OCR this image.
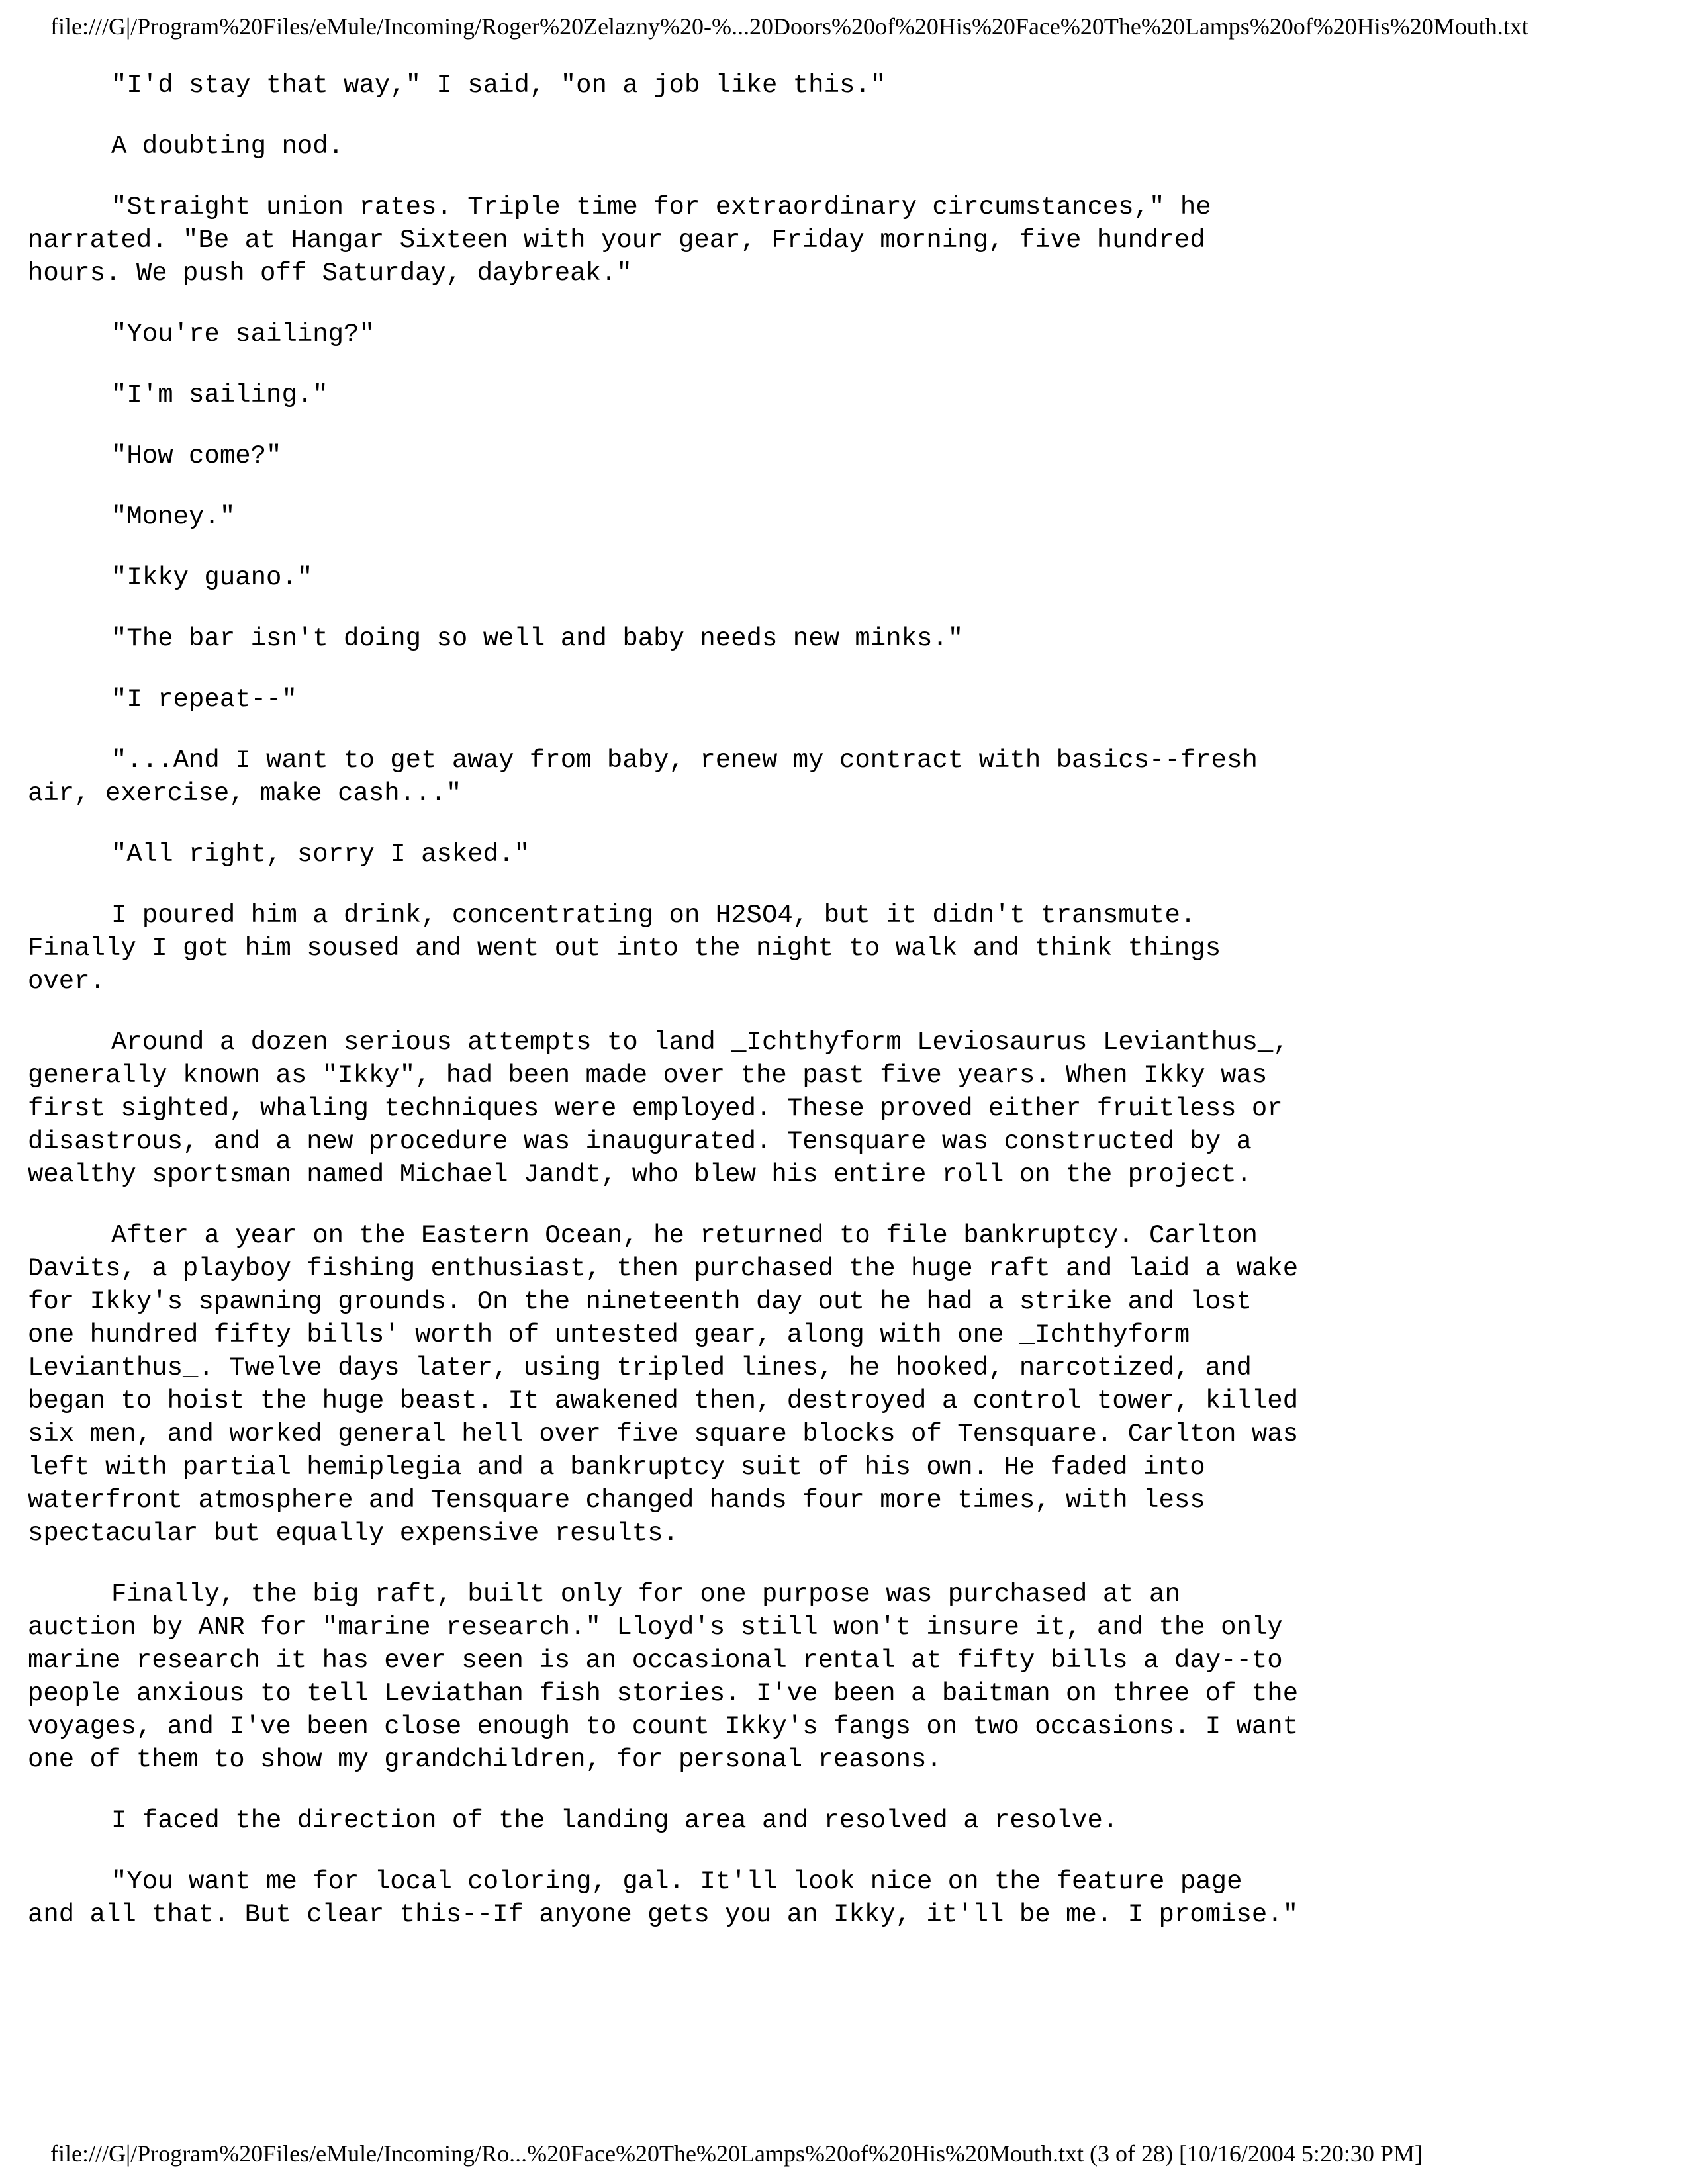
file:///G|/Program%20Files/eMule/Incoming/Roger%20Zelazny%20-%...20Doors%20of%20His%20Face%20The%20Lamps%20of%20His%20Mouth.txt

"I'd stay that way," I said, "on a job like this."

A doubting nod.

"Straight union rates. Triple time for extraordinary circumstances," he narrated. "Be at Hangar Sixteen with your gear, Friday morning, five hundred hours. We push off Saturday, daybreak."

"You're sailing?"

"I'm sailing."

"How come?"

"Money."

"Ikky guano."

"The bar isn't doing so well and baby needs new minks."

"I repeat--"

"...And I want to get away from baby, renew my contract with basics--fresh air, exercise, make cash..."

"All right, sorry I asked."

I poured him a drink, concentrating on H2SO4, but it didn't transmute. Finally I got him soused and went out into the night to walk and think things over.

Around a dozen serious attempts to land _Ichthyform Leviosaurus Levianthus_, generally known as "Ikky", had been made over the past five years. When Ikky was first sighted, whaling techniques were employed. These proved either fruitless or disastrous, and a new procedure was inaugurated. Tensquare was constructed by a wealthy sportsman named Michael Jandt, who blew his entire roll on the project.

After a year on the Eastern Ocean, he returned to file bankruptcy. Carlton Davits, a playboy fishing enthusiast, then purchased the huge raft and laid a wake for Ikky's spawning grounds. On the nineteenth day out he had a strike and lost one hundred fifty bills' worth of untested gear, along with one _Ichthyform Levianthus_. Twelve days later, using tripled lines, he hooked, narcotized, and began to hoist the huge beast. It awakened then, destroyed a control tower, killed six men, and worked general hell over five square blocks of Tensquare. Carlton was left with partial hemiplegia and a bankruptcy suit of his own. He faded into waterfront atmosphere and Tensquare changed hands four more times, with less spectacular but equally expensive results.

Finally, the big raft, built only for one purpose was purchased at an auction by ANR for "marine research." Lloyd's still won't insure it, and the only marine research it has ever seen is an occasional rental at fifty bills a day--to people anxious to tell Leviathan fish stories. I've been a baitman on three of the voyages, and I've been close enough to count Ikky's fangs on two occasions. I want one of them to show my grandchildren, for personal reasons.

I faced the direction of the landing area and resolved a resolve.

"You want me for local coloring, gal. It'll look nice on the feature page and all that. But clear this--If anyone gets you an Ikky, it'll be me. I promise."

file:///G|/Program%20Files/eMule/Incoming/Ro...%20Face%20The%20Lamps%20of%20His%20Mouth.txt (3 of 28) [10/16/2004 5:20:30 PM]
